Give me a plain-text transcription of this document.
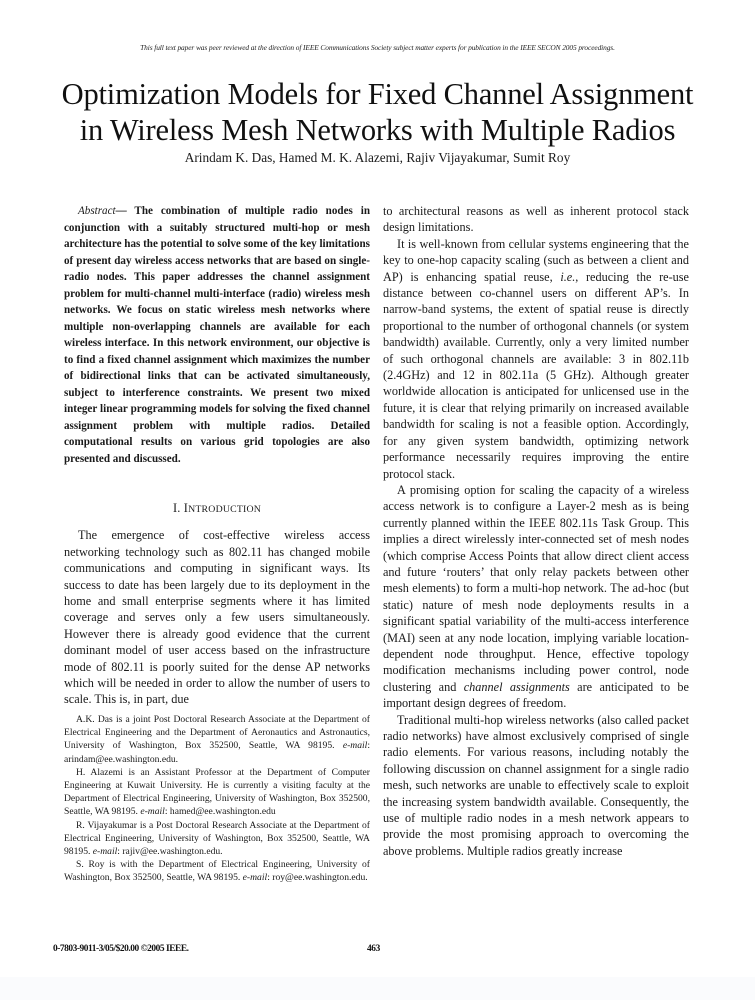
This full text paper was peer reviewed at the direction of IEEE Communications Society subject matter experts for publication in the IEEE SECON 2005 proceedings.
Optimization Models for Fixed Channel Assignment
in Wireless Mesh Networks with Multiple Radios
Arindam K. Das, Hamed M. K. Alazemi, Rajiv Vijayakumar, Sumit Roy

Abstract— The combination of multiple radio nodes in conjunction with a suitably structured multi-hop or mesh architecture has the potential to solve some of the key limitations of present day wireless access networks that are based on single-radio nodes. This paper addresses the channel assignment problem for multi-channel multi-interface (radio) wireless mesh networks. We focus on static wireless mesh networks where multiple non-overlapping channels are available for each wireless interface. In this network environment, our objective is to find a fixed channel assignment which maximizes the number of bidirectional links that can be activated simultaneously, subject to interference constraints. We present two mixed integer linear programming models for solving the fixed channel assignment problem with multiple radios. Detailed computational results on various grid topologies are also presented and discussed.

I. INTRODUCTION

The emergence of cost-effective wireless access networking technology such as 802.11 has changed mobile communications and computing in significant ways. Its success to date has been largely due to its deployment in the home and small enterprise segments where it has limited coverage and serves only a few users simultaneously. However there is already good evidence that the current dominant model of user access based on the infrastructure mode of 802.11 is poorly suited for the dense AP networks which will be needed in order to allow the number of users to scale. This is, in part, due

A.K. Das is a joint Post Doctoral Research Associate at the Department of Electrical Engineering and the Department of Aeronautics and Astronautics, University of Washington, Box 352500, Seattle, WA 98195. e-mail: arindam@ee.washington.edu.

H. Alazemi is an Assistant Professor at the Department of Computer Engineering at Kuwait University. He is currently a visiting faculty at the Department of Electrical Engineering, University of Washington, Box 352500, Seattle, WA 98195. e-mail: hamed@ee.washington.edu

R. Vijayakumar is a Post Doctoral Research Associate at the Department of Electrical Engineering, University of Washington, Box 352500, Seattle, WA 98195. e-mail: rajiv@ee.washington.edu.

S. Roy is with the Department of Electrical Engineering, University of Washington, Box 352500, Seattle, WA 98195. e-mail: roy@ee.washington.edu.

to architectural reasons as well as inherent protocol stack design limitations.

It is well-known from cellular systems engineering that the key to one-hop capacity scaling (such as between a client and AP) is enhancing spatial reuse, i.e., reducing the re-use distance between co-channel users on different AP’s. In narrow-band systems, the extent of spatial reuse is directly proportional to the number of orthogonal channels (or system bandwidth) available. Currently, only a very limited number of such orthogonal channels are available: 3 in 802.11b (2.4GHz) and 12 in 802.11a (5 GHz). Although greater worldwide allocation is anticipated for unlicensed use in the future, it is clear that relying primarily on increased available bandwidth for scaling is not a feasible option. Accordingly, for any given system bandwidth, optimizing network performance necessarily requires improving the entire protocol stack.

A promising option for scaling the capacity of a wireless access network is to configure a Layer-2 mesh as is being currently planned within the IEEE 802.11s Task Group. This implies a direct wirelessly inter-connected set of mesh nodes (which comprise Access Points that allow direct client access and future ‘routers’ that only relay packets between other mesh elements) to form a multi-hop network. The ad-hoc (but static) nature of mesh node deployments results in a significant spatial variability of the multi-access interference (MAI) seen at any node location, implying variable location-dependent node throughput. Hence, effective topology modification mechanisms including power control, node clustering and channel assignments are anticipated to be important design degrees of freedom.

Traditional multi-hop wireless networks (also called packet radio networks) have almost exclusively comprised of single radio elements. For various reasons, including notably the following discussion on channel assignment for a single radio mesh, such networks are unable to effectively scale to exploit the increasing system bandwidth available. Consequently, the use of multiple radio nodes in a mesh network appears to provide the most promising approach to overcoming the above problems. Multiple radios greatly increase

0-7803-9011-3/05/$20.00 ©2005 IEEE.	463
